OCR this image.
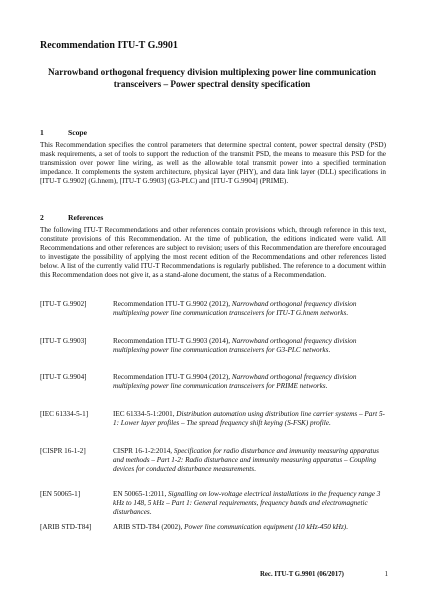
Recommendation ITU-T G.9901
Narrowband orthogonal frequency division multiplexing power line communication transceivers – Power spectral density specification
1	Scope
This Recommendation specifies the control parameters that determine spectral content, power spectral density (PSD) mask requirements, a set of tools to support the reduction of the transmit PSD, the means to measure this PSD for the transmission over power line wiring, as well as the allowable total transmit power into a specified termination impedance. It complements the system architecture, physical layer (PHY), and data link layer (DLL) specifications in [ITU-T G.9902] (G.hnem), [ITU-T G.9903] (G3-PLC) and [ITU-T G.9904] (PRIME).
2	References
The following ITU-T Recommendations and other references contain provisions which, through reference in this text, constitute provisions of this Recommendation. At the time of publication, the editions indicated were valid. All Recommendations and other references are subject to revision; users of this Recommendation are therefore encouraged to investigate the possibility of applying the most recent edition of the Recommendations and other references listed below. A list of the currently valid ITU-T Recommendations is regularly published. The reference to a document within this Recommendation does not give it, as a stand-alone document, the status of a Recommendation.
[ITU-T G.9902]	Recommendation ITU-T G.9902 (2012), Narrowband orthogonal frequency division multiplexing power line communication transceivers for ITU-T G.hnem networks.
[ITU-T G.9903]	Recommendation ITU-T G.9903 (2014), Narrowband orthogonal frequency division multiplexing power line communication transceivers for G3-PLC networks.
[ITU-T G.9904]	Recommendation ITU-T G.9904 (2012), Narrowband orthogonal frequency division multiplexing power line communication transceivers for PRIME networks.
[IEC 61334-5-1]	IEC 61334-5-1:2001, Distribution automation using distribution line carrier systems – Part 5-1: Lower layer profiles – The spread frequency shift keying (S-FSK) profile.
[CISPR 16-1-2]	CISPR 16-1-2:2014, Specification for radio disturbance and immunity measuring apparatus and methods – Part 1-2: Radio disturbance and immunity measuring apparatus – Coupling devices for conducted disturbance measurements.
[EN 50065-1]	EN 50065-1:2011, Signalling on low-voltage electrical installations in the frequency range 3 kHz to 148, 5 kHz – Part 1: General requirements, frequency bands and electromagnetic disturbances.
[ARIB STD-T84]	ARIB STD-T84 (2002), Power line communication equipment (10 kHz-450 kHz).
Rec. ITU-T G.9901 (06/2017)	1
